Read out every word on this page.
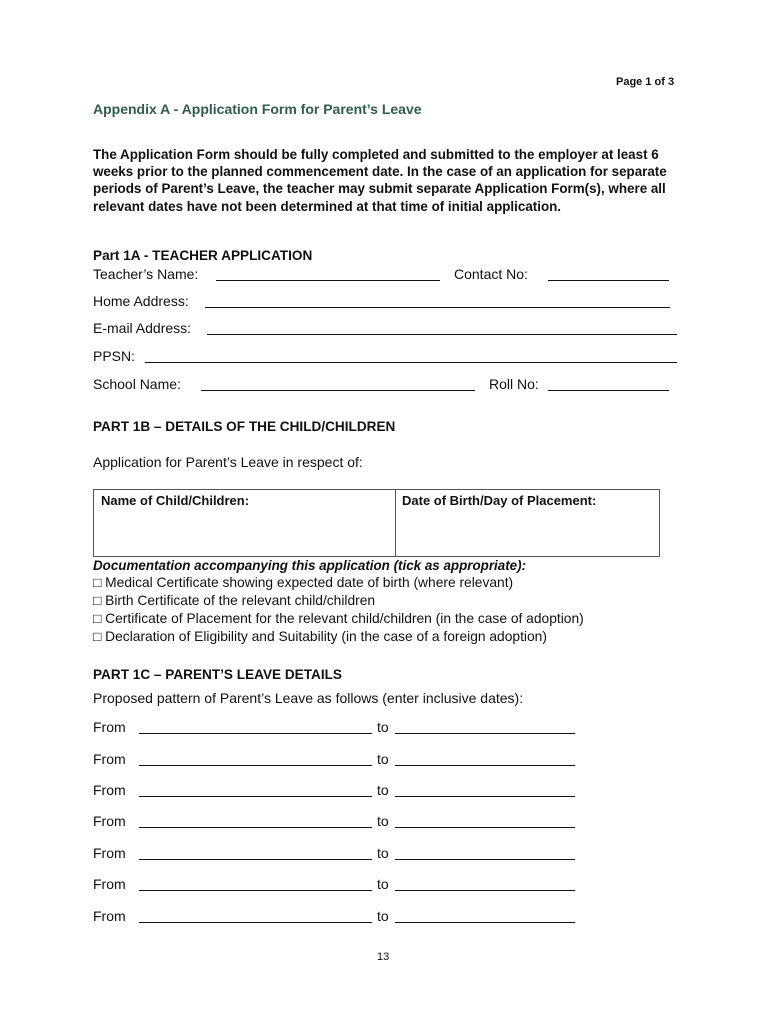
Page 1 of 3
Appendix A - Application Form for Parent’s Leave
The Application Form should be fully completed and submitted to the employer at least 6 weeks prior to the planned commencement date. In the case of an application for separate periods of Parent’s Leave, the teacher may submit separate Application Form(s), where all relevant dates have not been determined at that time of initial application.
Part 1A - TEACHER APPLICATION
Teacher’s Name:	Contact No:
Home Address:
E-mail Address:
PPSN:
School Name:	Roll No:
PART 1B – DETAILS OF THE CHILD/CHILDREN
Application for Parent’s Leave in respect of:
Name of Child/Children:	Date of Birth/Day of Placement:
Documentation accompanying this application (tick as appropriate):
□ Medical Certificate showing expected date of birth (where relevant)
□ Birth Certificate of the relevant child/children
□ Certificate of Placement for the relevant child/children (in the case of adoption)
□ Declaration of Eligibility and Suitability (in the case of a foreign adoption)
PART 1C – PARENT’S LEAVE DETAILS
Proposed pattern of Parent’s Leave as follows (enter inclusive dates):
From	to
From	to
From	to
From	to
From	to
From	to
From	to
13
